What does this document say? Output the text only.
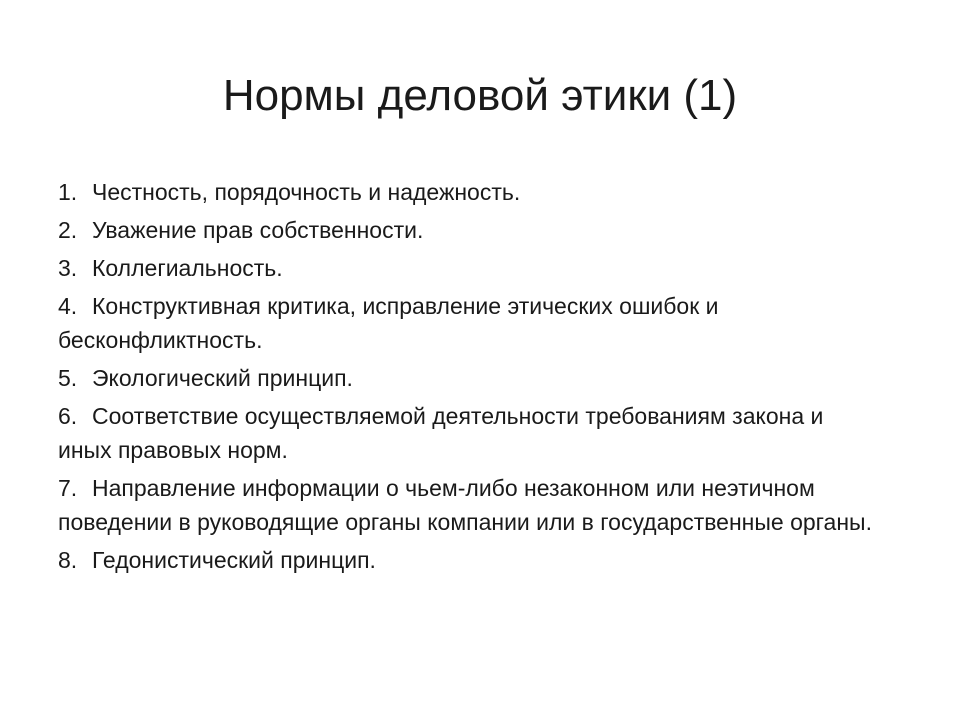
Нормы деловой этики (1)
1. Честность, порядочность и надежность.
2. Уважение прав собственности.
3. Коллегиальность.
4. Конструктивная критика, исправление этических ошибок и бесконфликтность.
5. Экологический принцип.
6. Соответствие осуществляемой деятельности требованиям закона и иных правовых норм.
7. Направление информации о чьем-либо незаконном или неэтичном поведении в руководящие органы компании или в государственные органы.
8. Гедонистический принцип.
